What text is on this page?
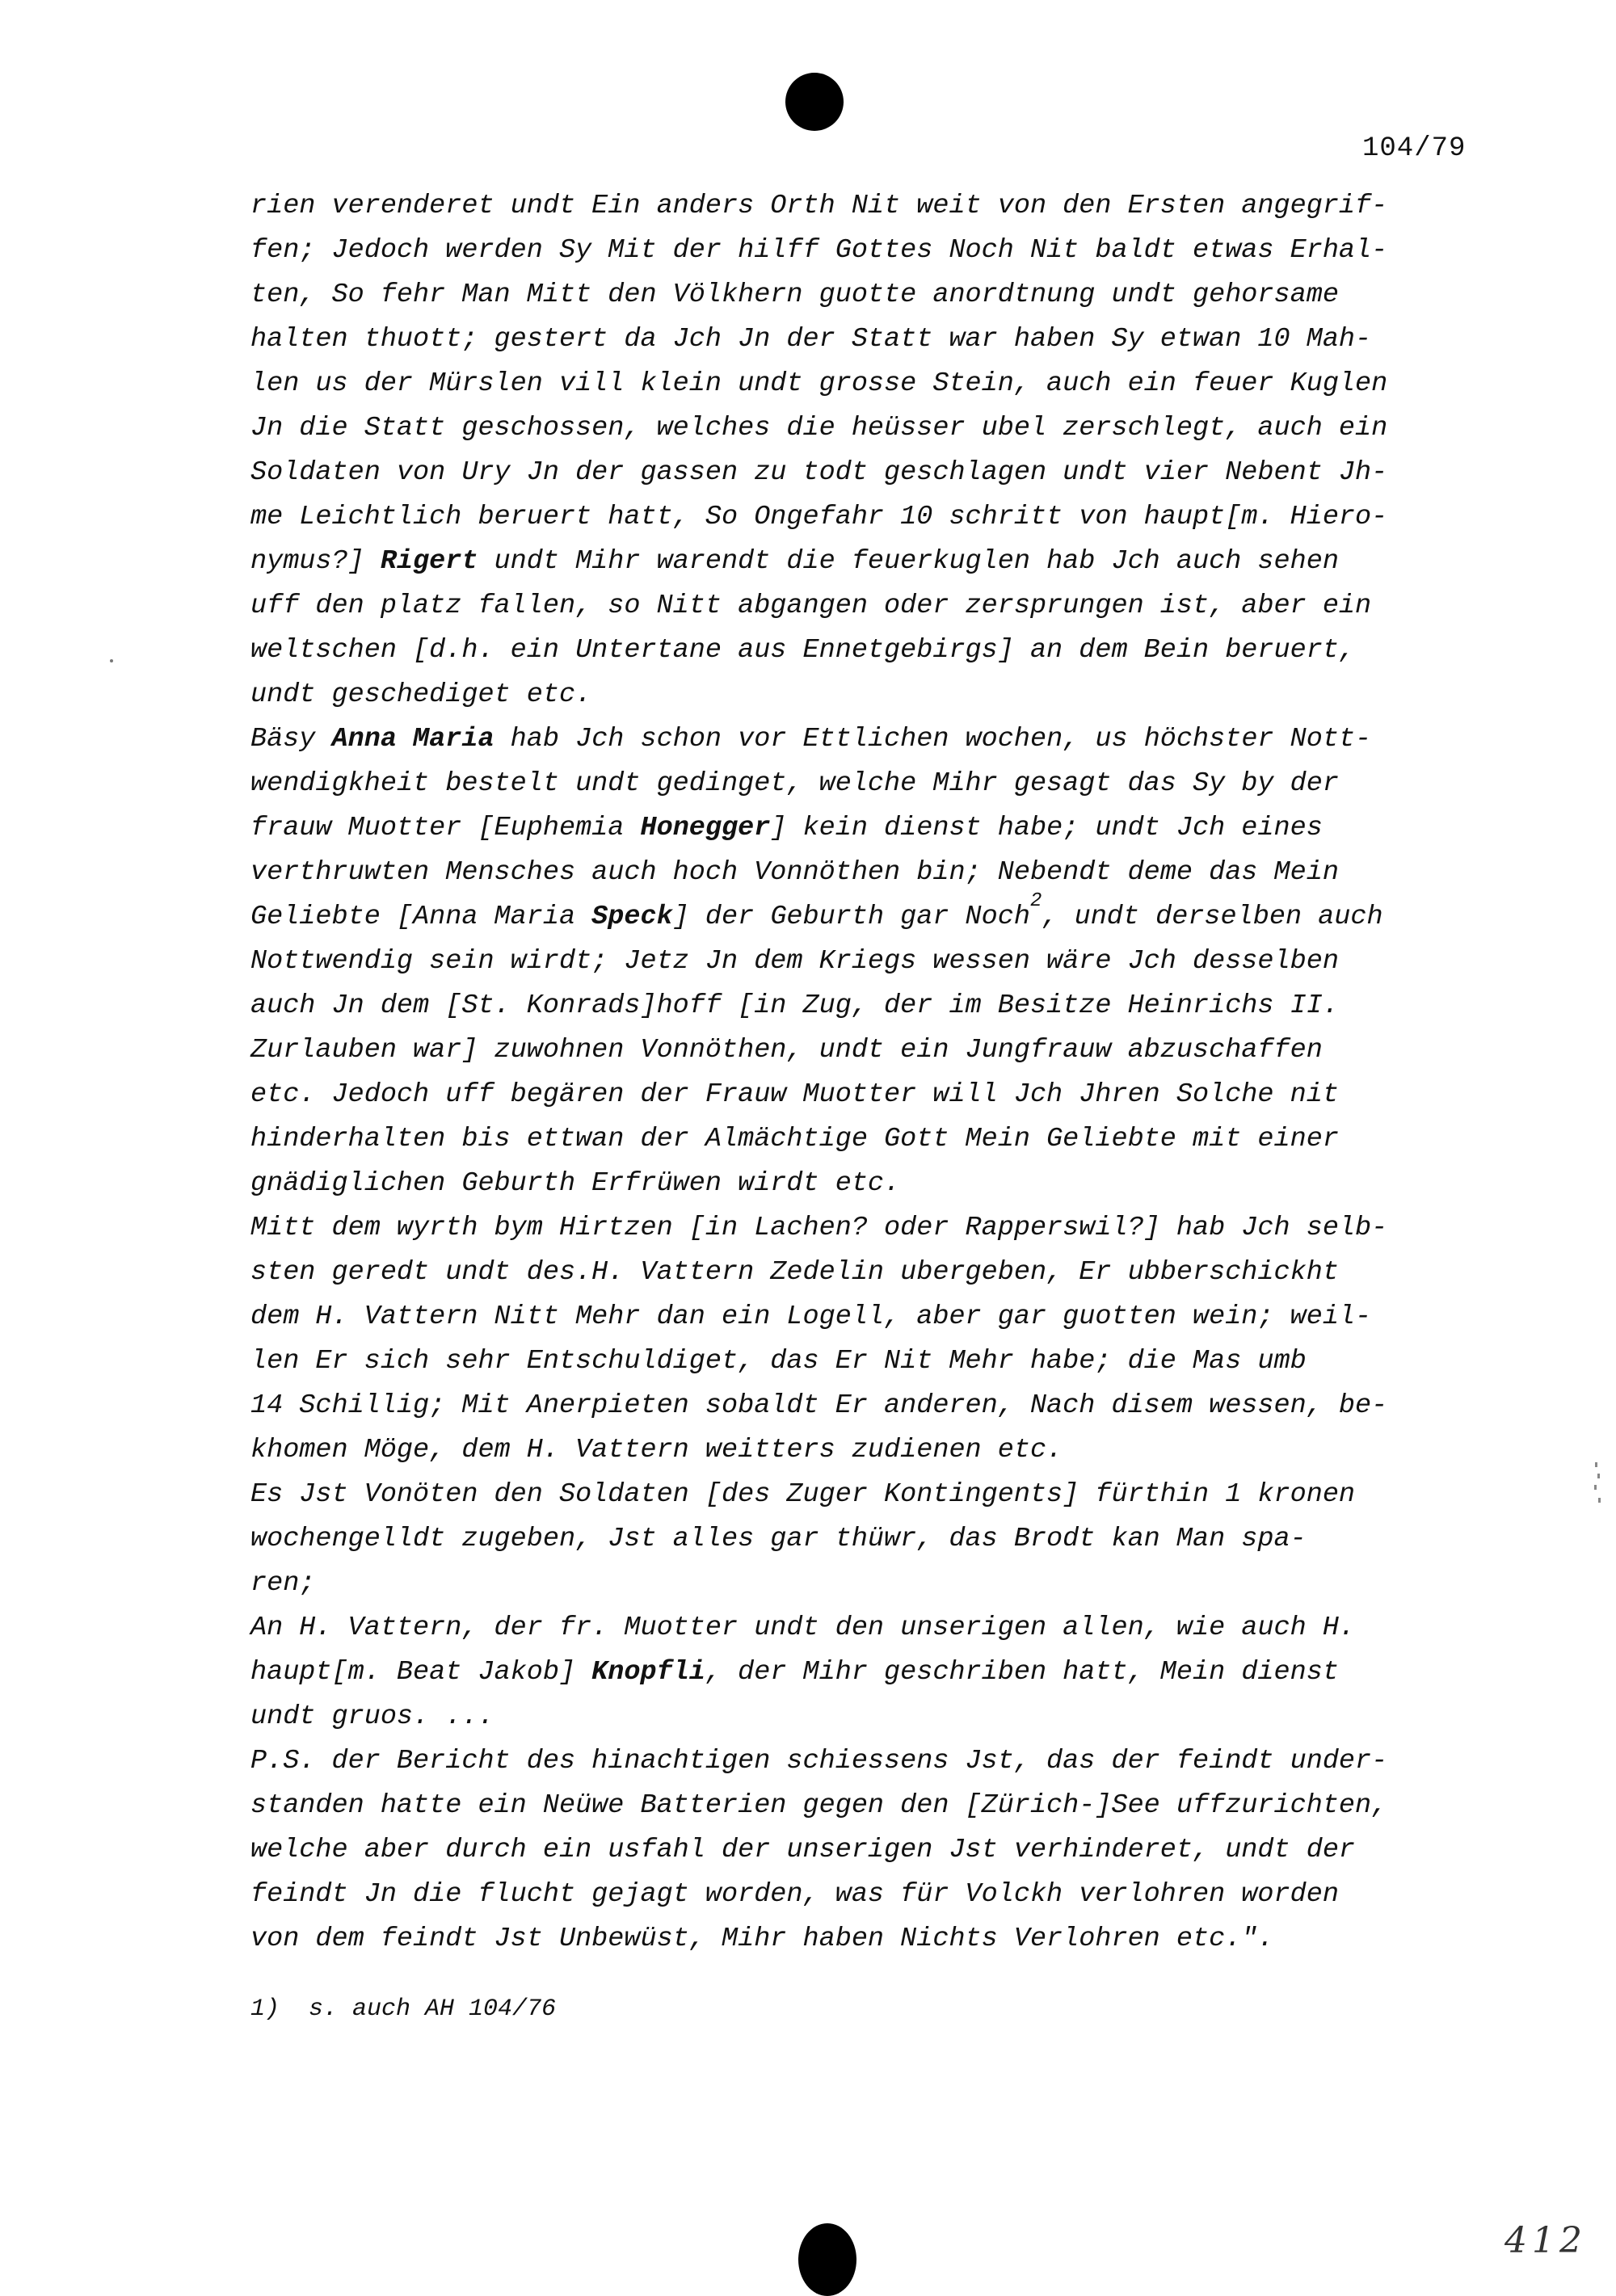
104/79
rien verenderet undt Ein anders Orth Nit weit von den Ersten angegrif-
fen; Jedoch werden Sy Mit der hilff Gottes Noch Nit baldt etwas Erhal-
ten, So fehr Man Mitt den Völkhern guotte anordtnung undt gehorsame
halten thuott; gestert da Jch Jn der Statt war haben Sy etwan 10 Mah-
len us der Mürslen vill klein undt grosse Stein, auch ein feuer Kuglen
Jn die Statt geschossen, welches die heüsser ubel zerschlegt, auch ein
Soldaten von Ury Jn der gassen zu todt geschlagen undt vier Nebent Jh-
me Leichtlich beruert hatt, So Ongefahr 10 schritt von haupt[m. Hiero-
nymus?] Rigert undt Mihr warendt die feuerkuglen hab Jch auch sehen
uff den platz fallen, so Nitt abgangen oder zersprungen ist, aber ein
weltschen [d.h. ein Untertane aus Ennetgebirgs] an dem Bein beruert,
undt geschediget etc.
Bäsy Anna Maria hab Jch schon vor Ettlichen wochen, us höchster Nott-
wendigkheit bestelt undt gedinget, welche Mihr gesagt das Sy by der
frauw Muotter [Euphemia Honegger] kein dienst habe; undt Jch eines
verthruwten Mensches auch hoch Vonnöthen bin; Nebendt deme das Mein
Geliebte [Anna Maria Speck] der Geburth gar Noch$^2$, undt derselben auch
Nottwendig sein wirdt; Jetz Jn dem Kriegs wessen wäre Jch desselben
auch Jn dem [St. Konrads]hoff [in Zug, der im Besitze Heinrichs II.
Zurlauben war] zuwohnen Vonnöthen, undt ein Jungfrauw abzuschaffen
etc. Jedoch uff begären der Frauw Muotter will Jch Jhren Solche nit
hinderhalten bis ettwan der Almächtige Gott Mein Geliebte mit einer
gnädiglichen Geburth Erfrüwen wirdt etc.
Mitt dem wyrth bym Hirtzen [in Lachen? oder Rapperswil?] hab Jch selb-
sten geredt undt des.H. Vattern Zedelin ubergeben, Er ubberschickht
dem H. Vattern Nitt Mehr dan ein Logell, aber gar guotten wein; weil-
len Er sich sehr Entschuldiget, das Er Nit Mehr habe; die Mas umb
14 Schillig; Mit Anerpieten sobaldt Er anderen, Nach disem wessen, be-
khomen Möge, dem H. Vattern weitters zudienen etc.
Es Jst Vonöten den Soldaten [des Zuger Kontingents] fürthin 1 kronen
wochengelldt zugeben, Jst alles gar thüwr, das Brodt kan Man spa-
ren;
An H. Vattern, der fr. Muotter undt den unserigen allen, wie auch H.
haupt[m. Beat Jakob] Knopfli, der Mihr geschriben hatt, Mein dienst
undt gruos. ...
P.S. der Bericht des hinachtigen schiessens Jst, das der feindt under-
standen hatte ein Neüwe Batterien gegen den [Zürich-]See uffzurichten,
welche aber durch ein usfahl der unserigen Jst verhinderet, undt der
feindt Jn die flucht gejagt worden, was für Volckh verlohren worden
von dem feindt Jst Unbewüst, Mihr haben Nichts Verlohren etc.".
1)  s. auch AH 104/76
412
